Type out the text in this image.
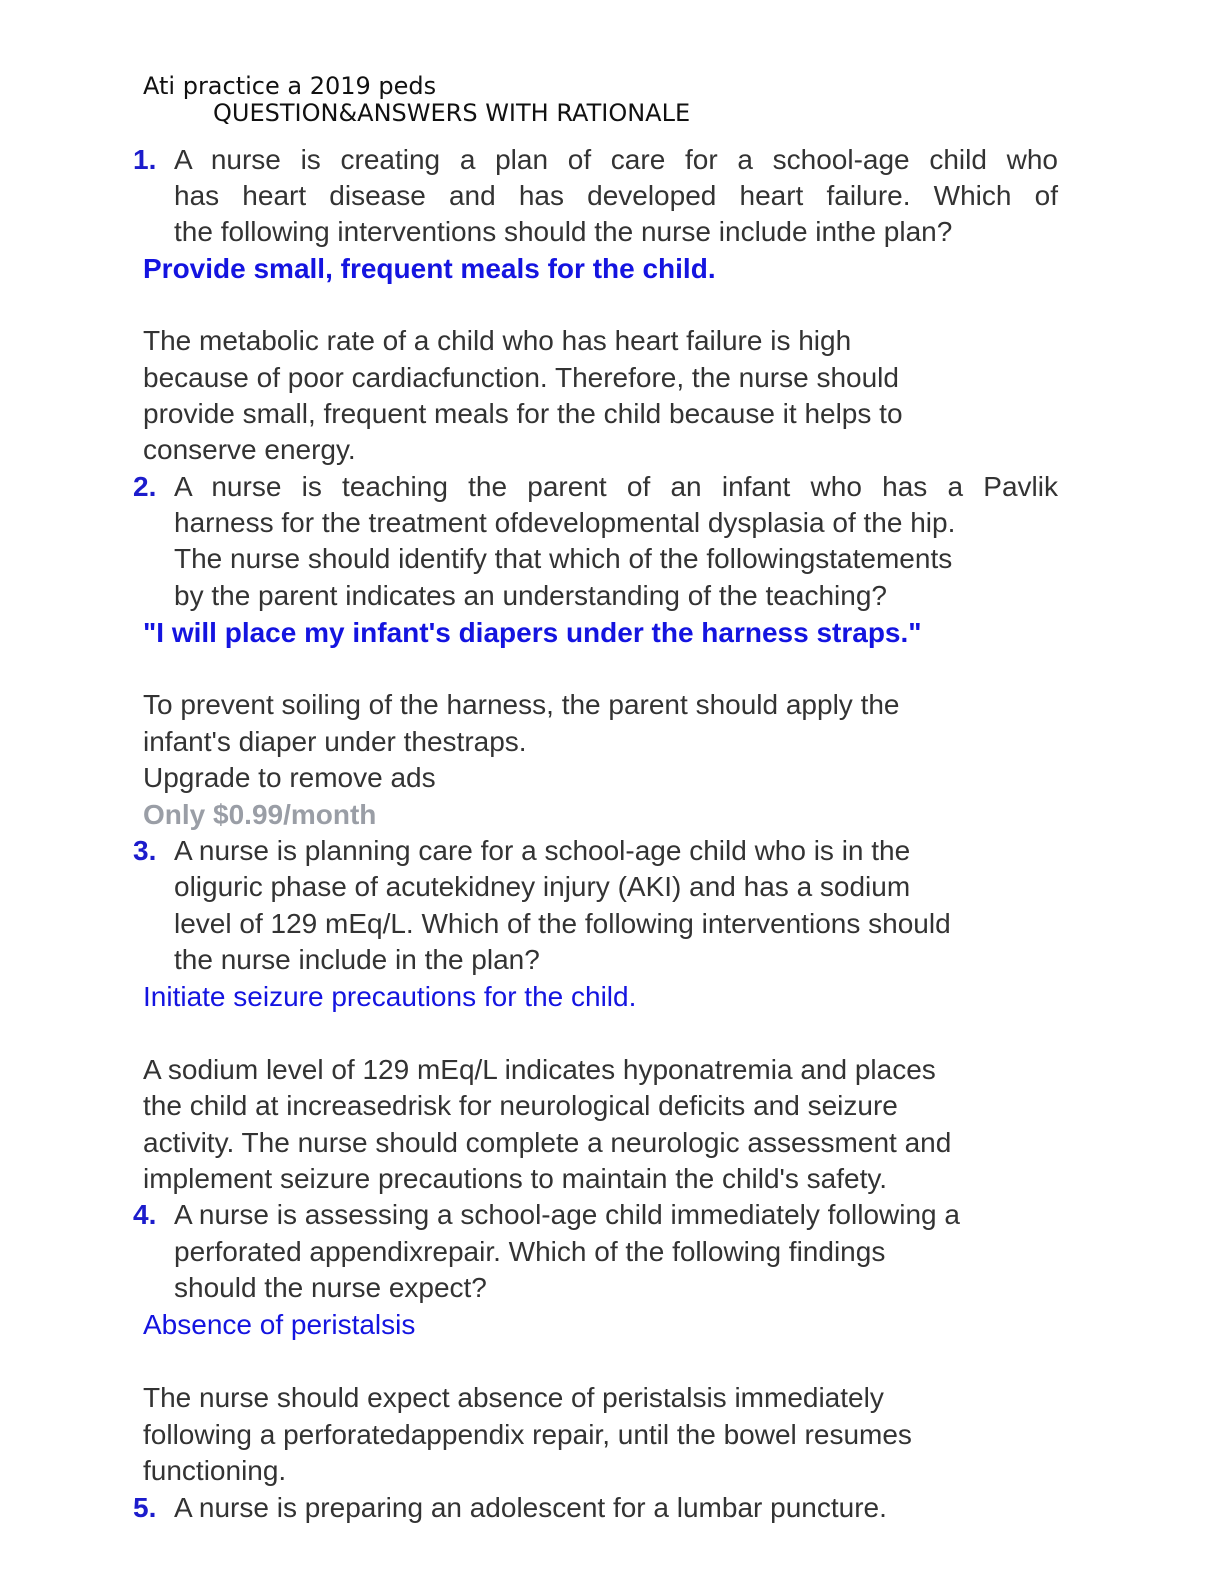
Ati practice a 2019 peds
QUESTION&ANSWERS WITH RATIONALE
1. A nurse is creating a plan of care for a school-age child who
has heart disease and has developed heart failure. Which of
the following interventions should the nurse include inthe plan?
Provide small, frequent meals for the child.
The metabolic rate of a child who has heart failure is high
because of poor cardiacfunction. Therefore, the nurse should
provide small, frequent meals for the child because it helps to
conserve energy.
2. A nurse is teaching the parent of an infant who has a Pavlik
harness for the treatment ofdevelopmental dysplasia of the hip.
The nurse should identify that which of the followingstatements
by the parent indicates an understanding of the teaching?
"I will place my infant's diapers under the harness straps."
To prevent soiling of the harness, the parent should apply the
infant's diaper under thestraps.
Upgrade to remove ads
Only $0.99/month
3. A nurse is planning care for a school-age child who is in the
oliguric phase of acutekidney injury (AKI) and has a sodium
level of 129 mEq/L. Which of the following interventions should
the nurse include in the plan?
Initiate seizure precautions for the child.
A sodium level of 129 mEq/L indicates hyponatremia and places
the child at increasedrisk for neurological deficits and seizure
activity. The nurse should complete a neurologic assessment and
implement seizure precautions to maintain the child's safety.
4. A nurse is assessing a school-age child immediately following a
perforated appendixrepair. Which of the following findings
should the nurse expect?
Absence of peristalsis
The nurse should expect absence of peristalsis immediately
following a perforatedappendix repair, until the bowel resumes
functioning.
5. A nurse is preparing an adolescent for a lumbar puncture.
